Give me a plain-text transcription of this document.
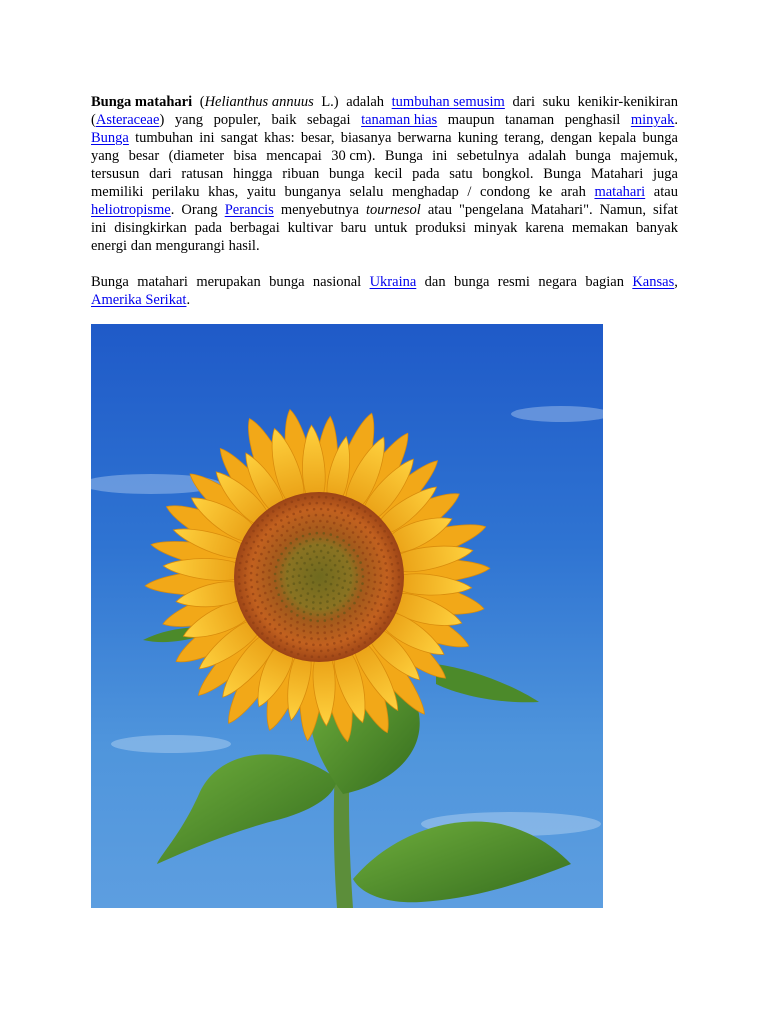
Bunga matahari (Helianthus annuus L.) adalah tumbuhan semusim dari suku kenikir-kenikiran
(Asteraceae) yang populer, baik sebagai tanaman hias maupun tanaman penghasil minyak.
Bunga tumbuhan ini sangat khas: besar, biasanya berwarna kuning terang, dengan kepala bunga
yang besar (diameter bisa mencapai 30 cm). Bunga ini sebetulnya adalah bunga majemuk,
tersusun dari ratusan hingga ribuan bunga kecil pada satu bongkol. Bunga Matahari juga
memiliki perilaku khas, yaitu bunganya selalu menghadap / condong ke arah matahari atau
heliotropisme. Orang Perancis menyebutnya tournesol atau "pengelana Matahari". Namun, sifat
ini disingkirkan pada berbagai kultivar baru untuk produksi minyak karena memakan banyak
energi dan mengurangi hasil.
Bunga matahari merupakan bunga nasional Ukraina dan bunga resmi negara bagian Kansas,
Amerika Serikat.
